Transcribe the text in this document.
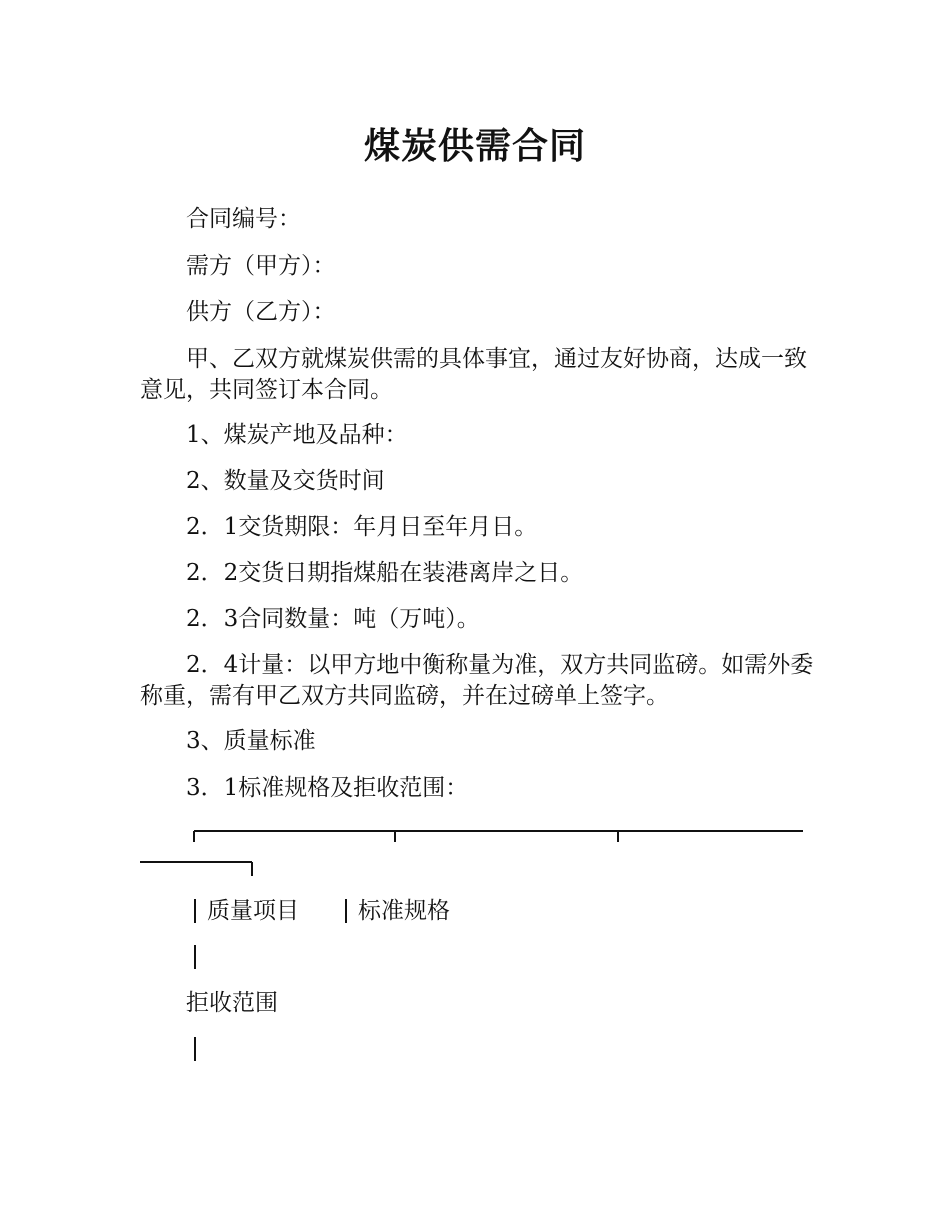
煤炭供需合同

合同编号：

需方（甲方）：

供方（乙方）：

甲、乙双方就煤炭供需的具体事宜，通过友好协商，达成一致意见，共同签订本合同。

1、煤炭产地及品种：

2、数量及交货时间

2．1交货期限：年月日至年月日。

2．2交货日期指煤船在装港离岸之日。

2．3合同数量：吨（万吨）。

2．4计量：以甲方地中衡称量为准，双方共同监磅。如需外委称重，需有甲乙双方共同监磅，并在过磅单上签字。

3、质量标准

3．1标准规格及拒收范围：

质量项目	标准规格

拒收范围
